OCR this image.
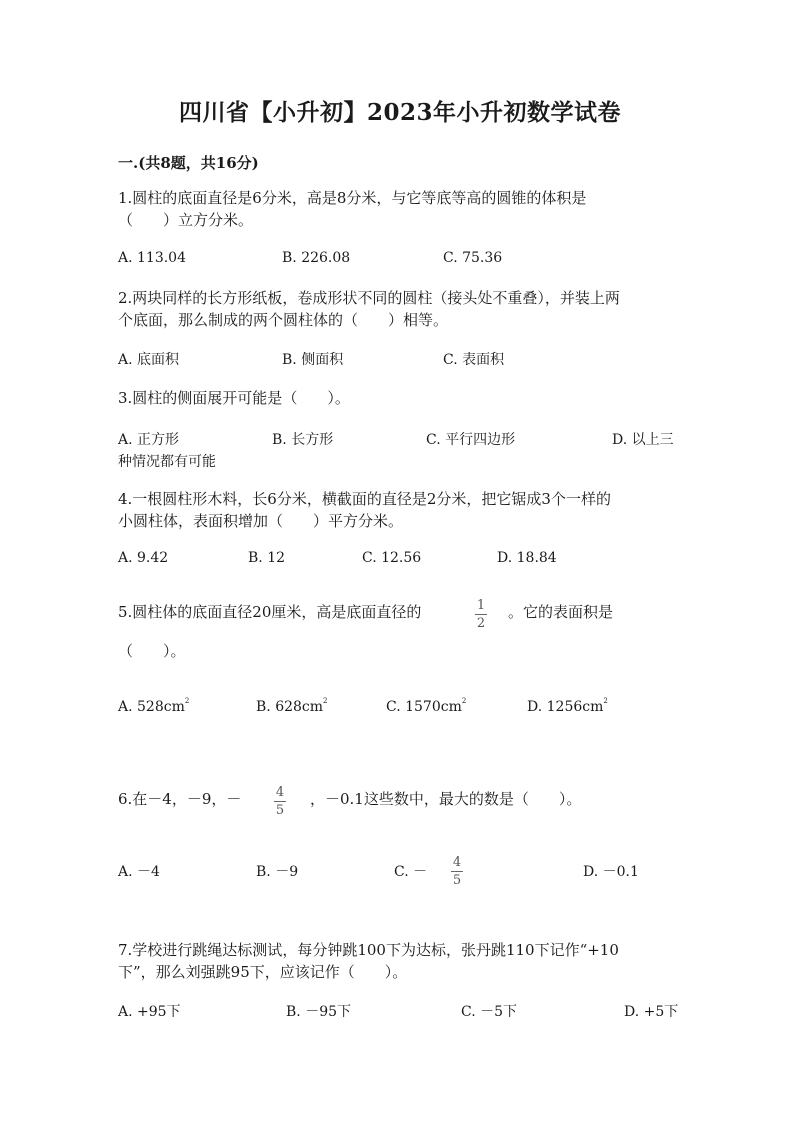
四川省【小升初】2023年小升初数学试卷
一.(共8题，共16分)
1.圆柱的底面直径是6分米，高是8分米，与它等底等高的圆锥的体积是
（　　）立方分米。
A. 113.04	B. 226.08	C. 75.36
2.两块同样的长方形纸板，卷成形状不同的圆柱（接头处不重叠），并装上两
个底面，那么制成的两个圆柱体的（　　）相等。
A. 底面积	B. 侧面积	C. 表面积
3.圆柱的侧面展开可能是（　　）。
A. 正方形	B. 长方形	C. 平行四边形	D. 以上三
种情况都有可能
4.一根圆柱形木料，长6分米，横截面的直径是2分米，把它锯成3个一样的
小圆柱体，表面积增加（　　）平方分米。
A. 9.42	B. 12	C. 12.56	D. 18.84
5.圆柱体的底面直径20厘米，高是底面直径的	1
2
。它的表面积是
（　　）。
A. $528cm^2$	B. $628cm^2$	C. $1570cm^2$	D. $1256cm^2$
6.在－4，－9，－	4
5
，－0.1这些数中，最大的数是（　　）。
A. －4	B. －9	C. －
4
5
D. －0.1
7.学校进行跳绳达标测试，每分钟跳100下为达标，张丹跳110下记作“+10
下”，那么刘强跳95下，应该记作（　　）。
A. +95下	B. －95下	C. －5下	D. +5下
